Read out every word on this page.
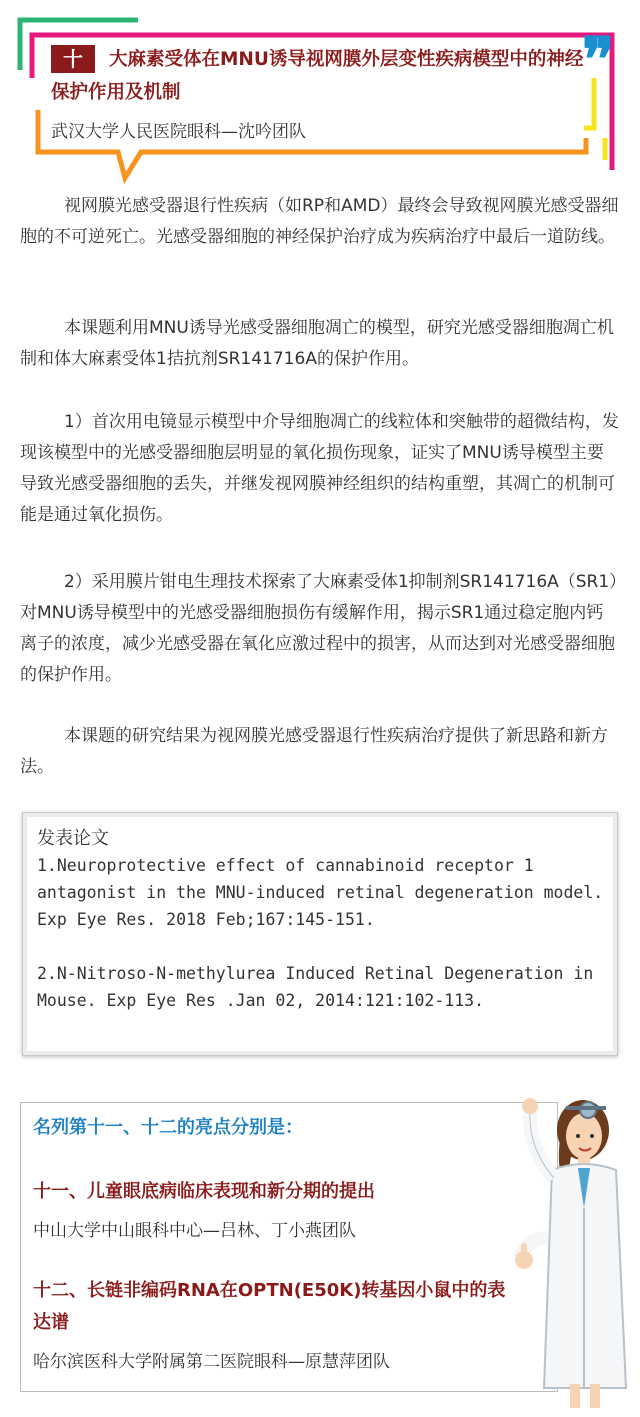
十	大麻素受体在MNU诱导视网膜外层变性疾病模型中的神经保护作用及机制

武汉大学人民医院眼科—沈吟团队

❞

视网膜光感受器退行性疾病（如RP和AMD）最终会导致视网膜光感受器细胞的不可逆死亡。光感受器细胞的神经保护治疗成为疾病治疗中最后一道防线。

本课题利用MNU诱导光感受器细胞凋亡的模型，研究光感受器细胞凋亡机制和体大麻素受体1拮抗剂SR141716A的保护作用。

1）首次用电镜显示模型中介导细胞凋亡的线粒体和突触带的超微结构，发现该模型中的光感受器细胞层明显的氧化损伤现象，证实了MNU诱导模型主要导致光感受器细胞的丢失，并继发视网膜神经组织的结构重塑，其凋亡的机制可能是通过氧化损伤。

2）采用膜片钳电生理技术探索了大麻素受体1抑制剂SR141716A（SR1）对MNU诱导模型中的光感受器细胞损伤有缓解作用，揭示SR1通过稳定胞内钙离子的浓度，减少光感受器在氧化应激过程中的损害，从而达到对光感受器细胞的保护作用。

本课题的研究结果为视网膜光感受器退行性疾病治疗提供了新思路和新方法。

发表论文

1.Neuroprotective effect of cannabinoid receptor 1 antagonist in the MNU-induced retinal degeneration model. Exp Eye Res. 2018 Feb;167:145-151.

2.N-Nitroso-N-methylurea Induced Retinal Degeneration in Mouse. Exp Eye Res .Jan 02, 2014:121:102-113.

名列第十一、十二的亮点分别是：

十一、儿童眼底病临床表现和新分期的提出

中山大学中山眼科中心—吕林、丁小燕团队

十二、长链非编码RNA在OPTN(E50K)转基因小鼠中的表达谱

哈尔滨医科大学附属第二医院眼科—原慧萍团队
